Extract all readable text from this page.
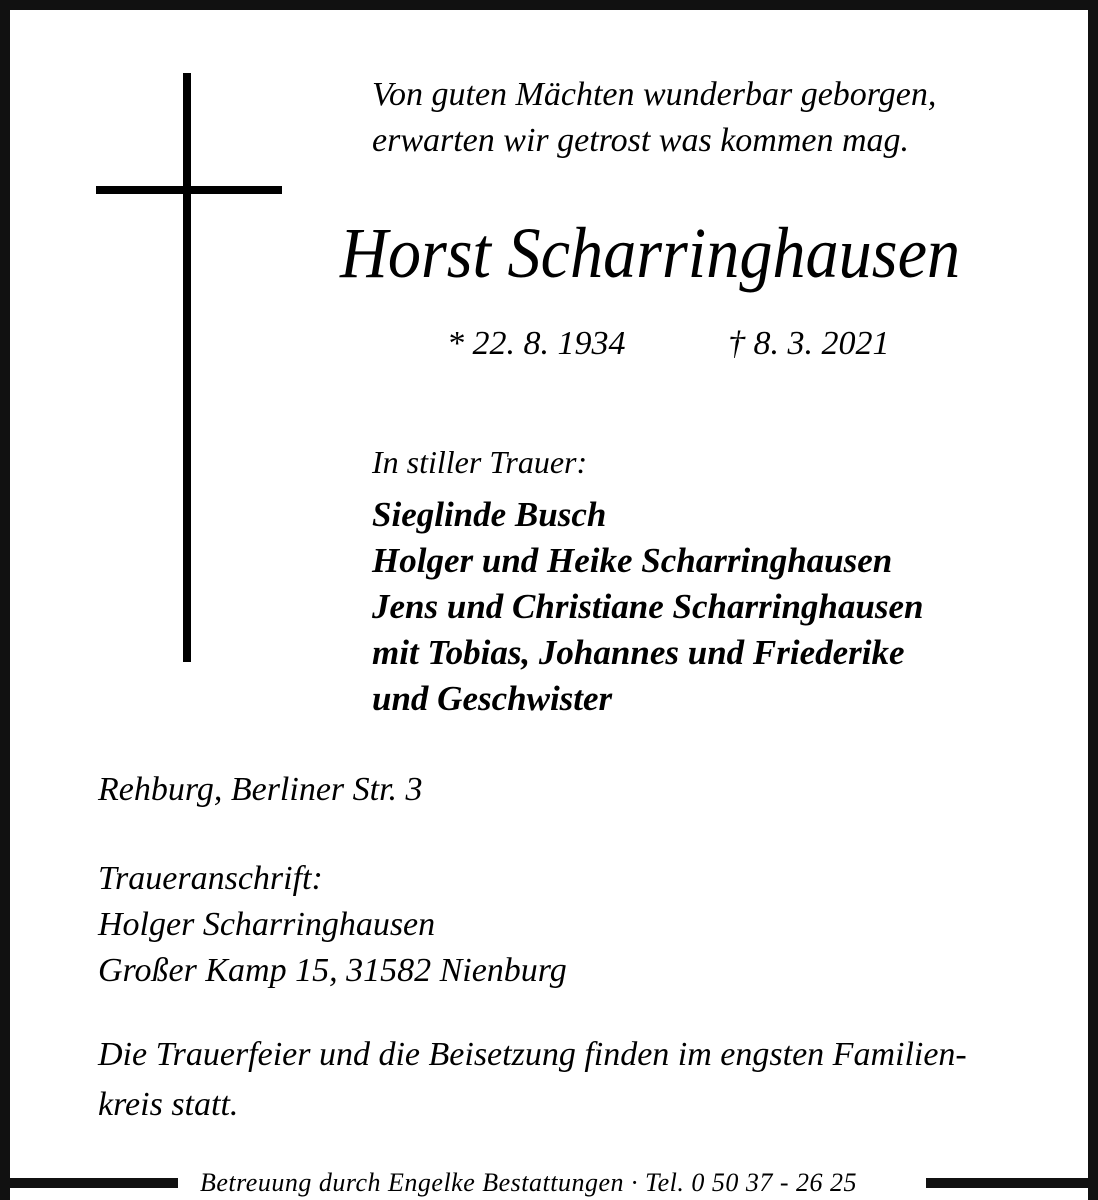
Von guten Mächten wunderbar geborgen,
erwarten wir getrost was kommen mag.
Horst Scharringhausen
* 22. 8. 1934	† 8. 3. 2021
In stiller Trauer:
Sieglinde Busch
Holger und Heike Scharringhausen
Jens und Christiane Scharringhausen
mit Tobias, Johannes und Friederike
und Geschwister
Rehburg, Berliner Str. 3
Traueranschrift:
Holger Scharringhausen
Großer Kamp 15, 31582 Nienburg
Die Trauerfeier und die Beisetzung finden im engsten Familien-
kreis statt.
Betreuung durch Engelke Bestattungen · Tel. 0 50 37 - 26 25
